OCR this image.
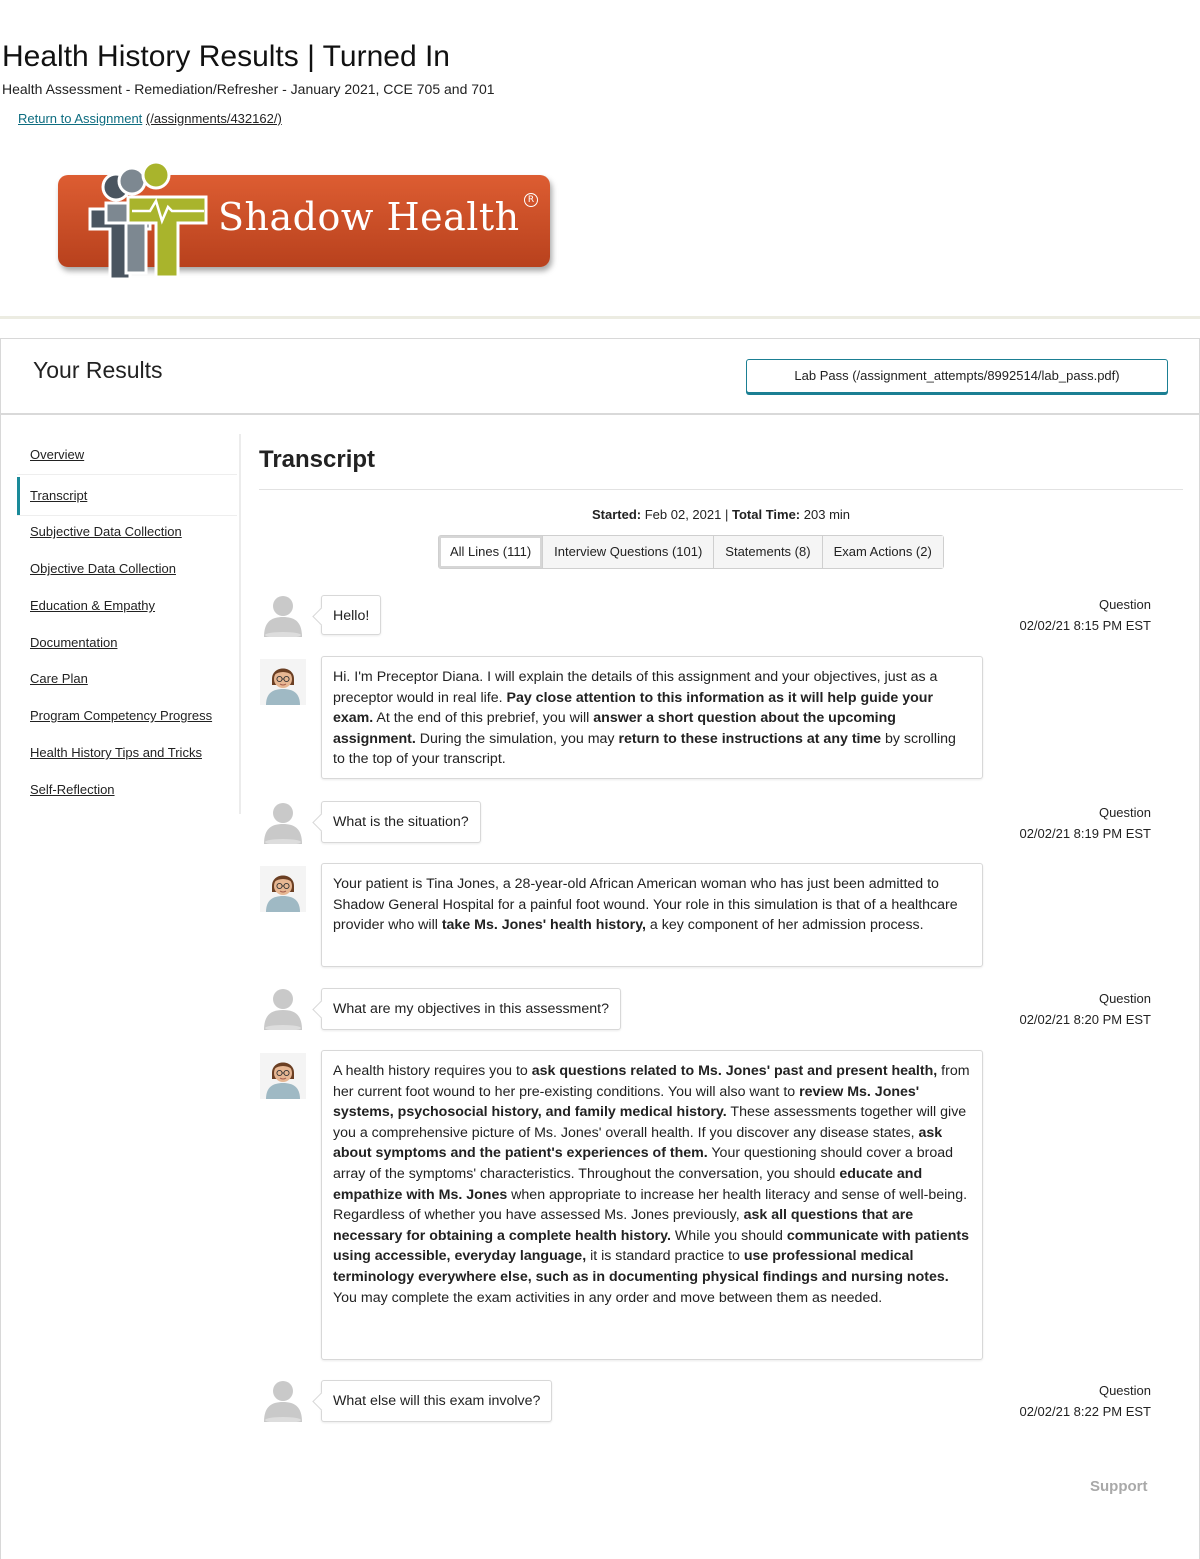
Health History Results | Turned In
Health Assessment - Remediation/Refresher - January 2021, CCE 705 and 701
Return to Assignment (/assignments/432162/)
Shadow Health R
Your Results	Lab Pass (/assignment_attempts/8992514/lab_pass.pdf)
Overview
Transcript
Subjective Data Collection
Objective Data Collection
Education & Empathy
Documentation
Care Plan
Program Competency Progress
Health History Tips and Tricks
Self-Reflection
Transcript
Started: Feb 02, 2021 | Total Time: 203 min
All Lines (111)	Interview Questions (101)	Statements (8)	Exam Actions (2)
Hello!
Question
02/02/21 8:15 PM EST
Hi. I'm Preceptor Diana. I will explain the details of this assignment and your objectives, just as a preceptor would in real life. Pay close attention to this information as it will help guide your exam. At the end of this prebrief, you will answer a short question about the upcoming assignment. During the simulation, you may return to these instructions at any time by scrolling to the top of your transcript.
What is the situation?
Question
02/02/21 8:19 PM EST
Your patient is Tina Jones, a 28-year-old African American woman who has just been admitted to Shadow General Hospital for a painful foot wound. Your role in this simulation is that of a healthcare provider who will take Ms. Jones' health history, a key component of her admission process.
What are my objectives in this assessment?
Question
02/02/21 8:20 PM EST
A health history requires you to ask questions related to Ms. Jones' past and present health, from her current foot wound to her pre-existing conditions. You will also want to review Ms. Jones' systems, psychosocial history, and family medical history. These assessments together will give you a comprehensive picture of Ms. Jones' overall health. If you discover any disease states, ask about symptoms and the patient's experiences of them. Your questioning should cover a broad array of the symptoms' characteristics. Throughout the conversation, you should educate and empathize with Ms. Jones when appropriate to increase her health literacy and sense of well-being. Regardless of whether you have assessed Ms. Jones previously, ask all questions that are necessary for obtaining a complete health history. While you should communicate with patients using accessible, everyday language, it is standard practice to use professional medical terminology everywhere else, such as in documenting physical findings and nursing notes. You may complete the exam activities in any order and move between them as needed.
What else will this exam involve?
Question
02/02/21 8:22 PM EST
Support
